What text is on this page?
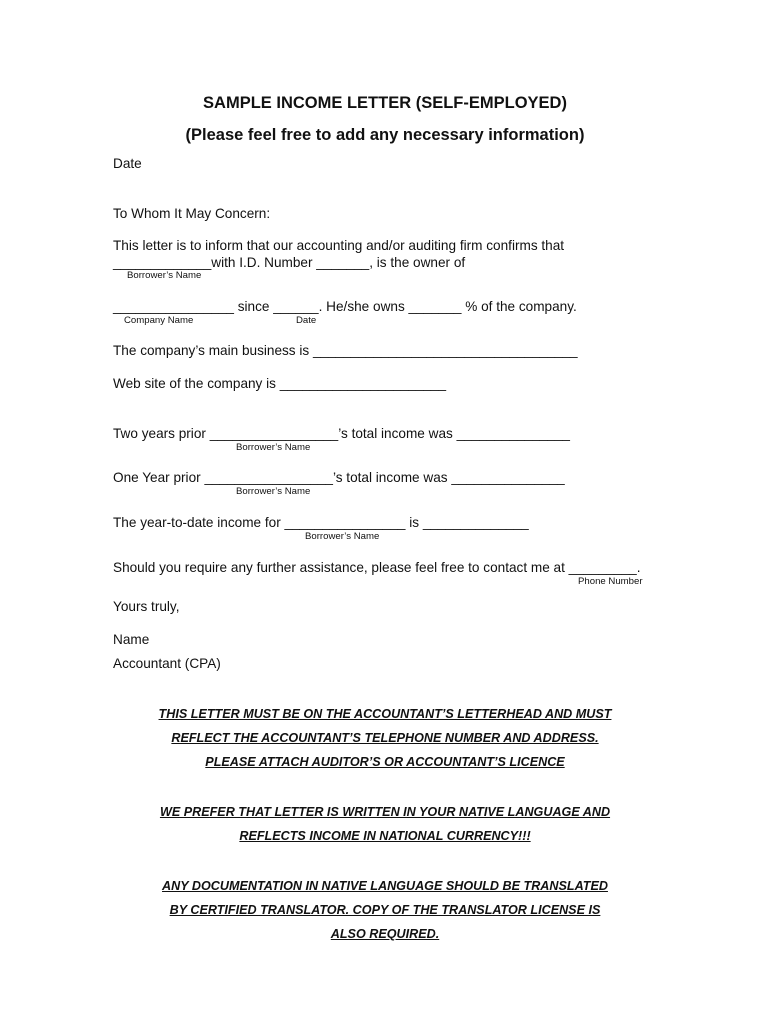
SAMPLE INCOME LETTER (SELF-EMPLOYED)
(Please feel free to add any necessary information)
Date
To Whom It May Concern:
This letter is to inform that our accounting and/or auditing firm confirms that
_____________with I.D. Number _______, is the owner of
Borrower’s Name
________________ since ______. He/she owns _______ % of the company.
Company Name	Date
The company’s main business is ___________________________________
Web site of the company is ______________________
Two years prior _________________’s total income was _______________
Borrower’s Name
One Year prior _________________’s total income was _______________
Borrower’s Name
The year-to-date income for ________________ is ______________
Borrower’s Name
Should you require any further assistance, please feel free to contact me at _________.
Phone Number
Yours truly,
Name
Accountant (CPA)
THIS LETTER MUST BE ON THE ACCOUNTANT’S LETTERHEAD AND MUST
REFLECT THE ACCOUNTANT’S TELEPHONE NUMBER AND ADDRESS.
PLEASE ATTACH AUDITOR’S OR ACCOUNTANT’S LICENCE
WE PREFER THAT LETTER IS WRITTEN IN YOUR NATIVE LANGUAGE AND
REFLECTS INCOME IN NATIONAL CURRENCY!!!
ANY DOCUMENTATION IN NATIVE LANGUAGE SHOULD BE TRANSLATED
BY CERTIFIED TRANSLATOR. COPY OF THE TRANSLATOR LICENSE IS
ALSO REQUIRED.
